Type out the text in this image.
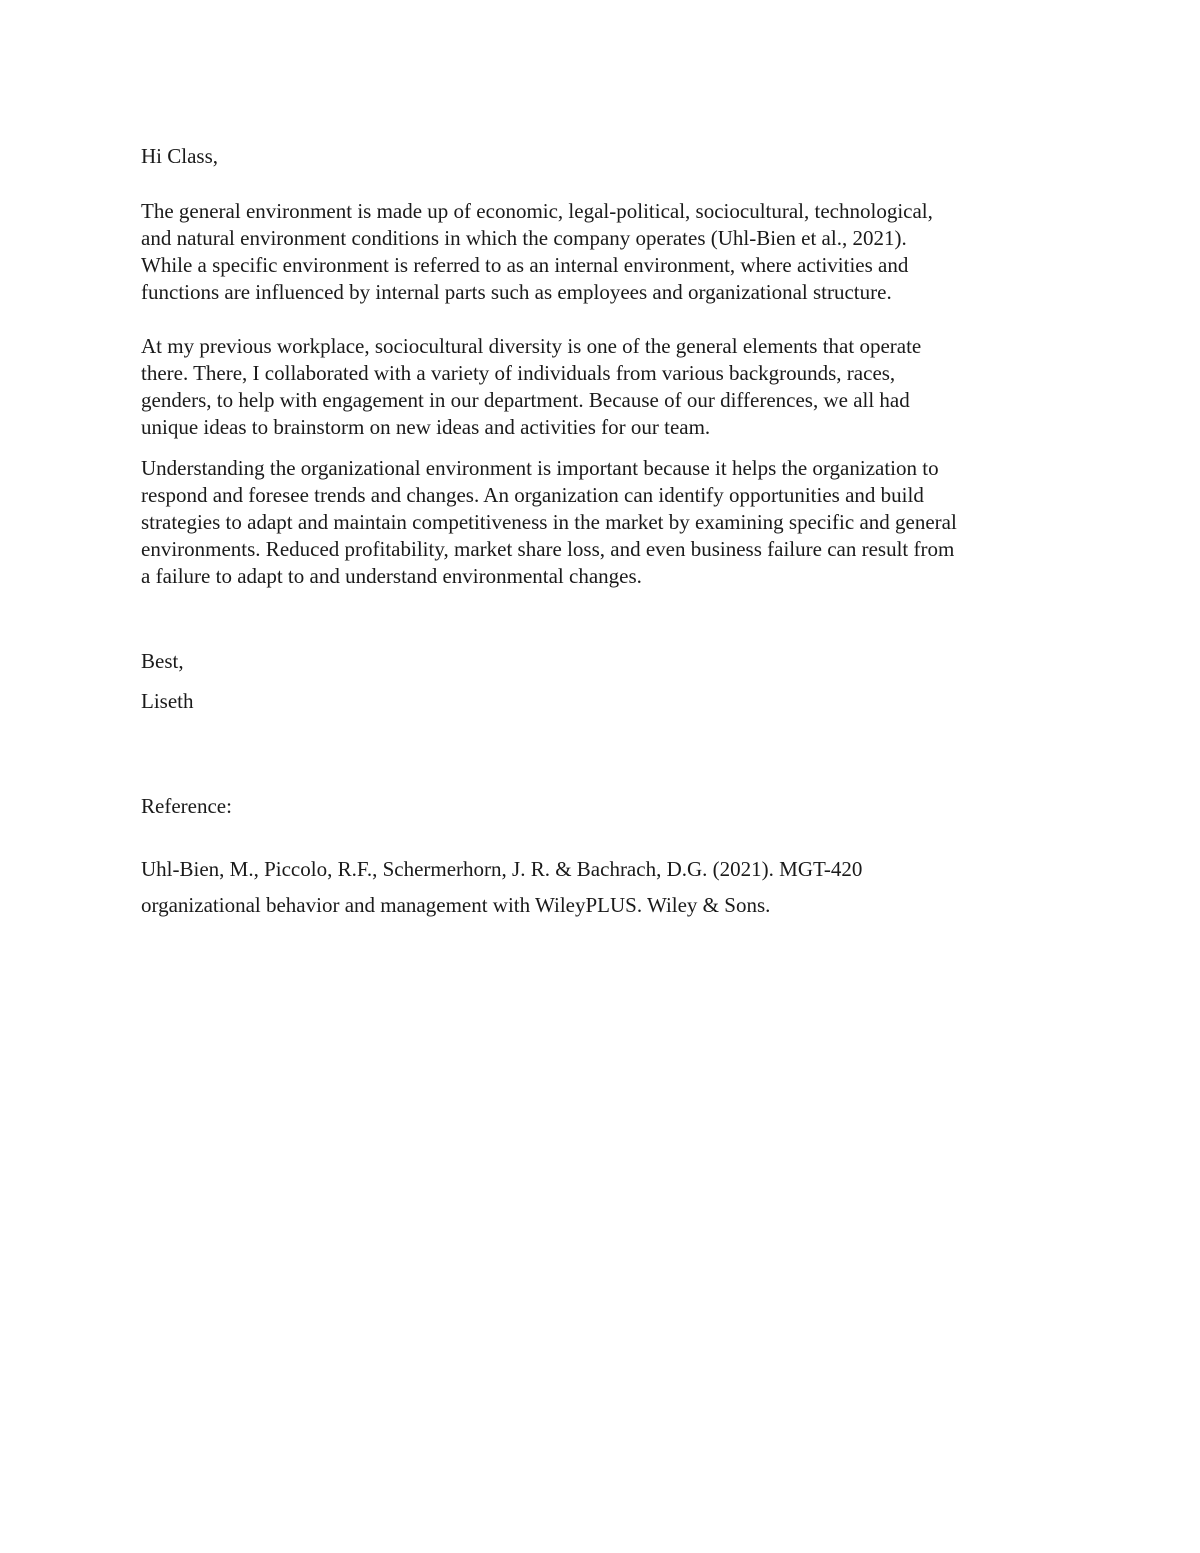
Hi Class,
The general environment is made up of economic, legal-political, sociocultural, technological,
and natural environment conditions in which the company operates (Uhl-Bien et al., 2021).
While a specific environment is referred to as an internal environment, where activities and
functions are influenced by internal parts such as employees and organizational structure.
At my previous workplace, sociocultural diversity is one of the general elements that operate
there. There, I collaborated with a variety of individuals from various backgrounds, races,
genders, to help with engagement in our department. Because of our differences, we all had
unique ideas to brainstorm on new ideas and activities for our team.
Understanding the organizational environment is important because it helps the organization to
respond and foresee trends and changes. An organization can identify opportunities and build
strategies to adapt and maintain competitiveness in the market by examining specific and general
environments. Reduced profitability, market share loss, and even business failure can result from
a failure to adapt to and understand environmental changes.
Best,
Liseth
Reference:
Uhl-Bien, M., Piccolo, R.F., Schermerhorn, J. R. & Bachrach, D.G. (2021). MGT-420
organizational behavior and management with WileyPLUS. Wiley & Sons.
